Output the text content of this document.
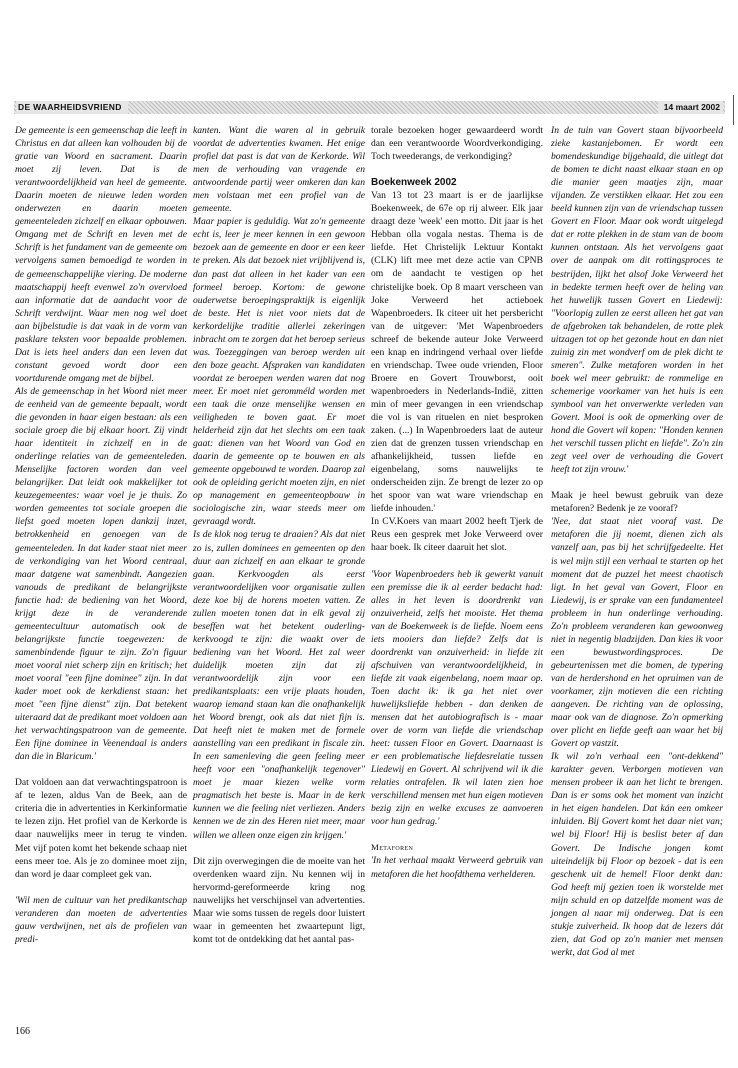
DE WAARHEIDSVRIEND	14 maart 2002

De gemeente is een gemeenschap die leeft in Christus en dat alleen kan volhouden bij de gratie van Woord en sacrament. Daarin moet zij leven. Dat is de verantwoordelijkheid van heel de gemeente. Daarin moeten de nieuwe leden worden onderwezen en daarin moeten gemeenteleden zichzelf en elkaar opbouwen. Omgang met de Schrift en leven met de Schrift is het fundament van de gemeente om vervolgens samen bemoedigd te worden in de gemeenschappelijke viering. De moderne maatschappij heeft evenwel zo'n overvloed aan informatie dat de aandacht voor de Schrift verdwijnt. Waar men nog wel doet aan bijbelstudie is dat vaak in de vorm van pasklare teksten voor bepaalde problemen. Dat is iets heel anders dan een leven dat constant gevoed wordt door een voortdurende omgang met de bijbel.

Als de gemeenschap in het Woord niet meer de eenheid van de gemeente bepaalt, wordt die gevonden in haar eigen bestaan: als een sociale groep die bij elkaar hoort. Zij vindt haar identiteit in zichzelf en in de onderlinge relaties van de gemeenteleden. Menselijke factoren worden dan veel belangrijker. Dat leidt ook makkelijker tot keuzegemeentes: waar voel je je thuis. Zo worden gemeentes tot sociale groepen die liefst goed moeten lopen dankzij inzet, betrokkenheid en genoegen van de gemeenteleden. In dat kader staat niet meer de verkondiging van het Woord centraal, maar datgene wat samenbindt. Aangezien vanouds de predikant de belangrijkste functie had: de bediening van het Woord, krijgt deze in de veranderende gemeentecultuur automatisch ook de belangrijkste functie toegewezen: de samenbindende figuur te zijn. Zo'n figuur moet vooral niet scherp zijn en kritisch; het moet vooral "een fijne dominee" zijn. In dat kader moet ook de kerkdienst staan: het moet "een fijne dienst" zijn. Dat betekent uiteraard dat de predikant moet voldoen aan het verwachtingspatroon van de gemeente. Een fijne dominee in Veenendaal is anders dan die in Blaricum.'

Dat voldoen aan dat verwachtingspatroon is af te lezen, aldus Van de Beek, aan de criteria die in advertenties in Kerkinformatie te lezen zijn. Het profiel van de Kerkorde is daar nauwelijks meer in terug te vinden. Met vijf poten komt het bekende schaap niet eens meer toe. Als je zo dominee moet zijn, dan word je daar compleet gek van.

'Wil men de cultuur van het predikantschap veranderen dan moeten de advertenties gauw verdwijnen, net als de profielen van predi-

kanten. Want die waren al in gebruik voordat de advertenties kwamen. Het enige profiel dat past is dat van de Kerkorde. Wil men de verhouding van vragende en antwoordende partij weer omkeren dan kan men volstaan met een profiel van de gemeente.

Maar papier is geduldig. Wat zo'n gemeente echt is, leer je meer kennen in een gewoon bezoek aan de gemeente en door er een keer te preken. Als dat bezoek niet vrijblijvend is, dan past dat alleen in het kader van een formeel beroep. Kortom: de gewone ouderwetse beroepingspraktijk is eigenlijk de beste. Het is niet voor niets dat de kerkordelijke traditie allerlei zekeringen inbracht om te zorgen dat het beroep serieus was. Toezeggingen van beroep werden uit den boze geacht. Afspraken van kandidaten voordat ze beroepen werden waren dat nog meer. Er moet niet geromméld worden met een taak die onze menselijke wensen en veiligheden te boven gaat. Er moet helderheid zijn dat het slechts om een taak gaat: dienen van het Woord van God en daarin de gemeente op te bouwen en als gemeente opgebouwd te worden. Daarop zal ook de opleiding gericht moeten zijn, en niet op management en gemeenteopbouw in sociologische zin, waar steeds meer om gevraagd wordt.

Is de klok nog terug te draaien? Als dat niet zo is, zullen dominees en gemeenten op den duur aan zichzelf en aan elkaar te gronde gaan. Kerkvoogden als eerst verantwoordelijken voor organisatie zullen deze koe bij de horens moeten vatten. Ze zullen moeten tonen dat in elk geval zij beseffen wat het betekent ouderling-kerkvoogd te zijn: die waakt over de bediening van het Woord. Het zal weer duidelijk moeten zijn dat zij verantwoordelijk zijn voor een predikantsplaats: een vrije plaats houden, waarop iemand staan kan die onafhankelijk het Woord brengt, ook als dat niet fijn is. Dat heeft niet te maken met de formele aanstelling van een predikant in fiscale zin. In een samenleving die geen feeling meer heeft voor een "onafhankelijk tegenover" moet je maar kiezen welke vorm pragmatisch het beste is. Maar in de kerk kunnen we die feeling niet verliezen. Anders kennen we de zin des Heren niet meer, maar willen we alleen onze eigen zin krijgen.'

Dit zijn overwegingen die de moeite van het overdenken waard zijn. Nu kennen wij in hervormd-gereformeerde kring nog nauwelijks het verschijnsel van advertenties. Maar wie soms tussen de regels door luistert waar in gemeenten het zwaartepunt ligt, komt tot de ontdekking dat het aantal pas-

torale bezoeken hoger gewaardeerd wordt dan een verantwoorde Woordverkondiging. Toch tweederangs, de verkondiging?

Boekenweek 2002

Van 13 tot 23 maart is er de jaarlijkse Boekenweek, de 67e op rij alweer. Elk jaar draagt deze 'week' een motto. Dit jaar is het Hebban olla vogala nestas. Thema is de liefde. Het Christelijk Lektuur Kontakt (CLK) lift mee met deze actie van CPNB om de aandacht te vestigen op het christelijke boek. Op 8 maart verscheen van Joke Verweerd het actieboek Wapenbroeders. Ik citeer uit het persbericht van de uitgever: 'Met Wapenbroeders schreef de bekende auteur Joke Verweerd een knap en indringend verhaal over liefde en vriendschap. Twee oude vrienden, Floor Broere en Govert Trouwborst, ooit wapenbroeders in Nederlands-Indië, zitten min of meer gevangen in een vriendschap die vol is van rituelen en niet besproken zaken. (...) In Wapenbroeders laat de auteur zien dat de grenzen tussen vriendschap en afhankelijkheid, tussen liefde en eigenbelang, soms nauwelijks te onderscheiden zijn. Ze brengt de lezer zo op het spoor van wat ware vriendschap en liefde inhouden.'

In CV.Koers van maart 2002 heeft Tjerk de Reus een gesprek met Joke Verweerd over haar boek. Ik citeer daaruit het slot.

'Voor Wapenbroeders heb ik gewerkt vanuit een premisse die ik al eerder bedacht had: alles in het leven is doordrenkt van onzuiverheid, zelfs het mooiste. Het thema van de Boekenweek is de liefde. Noem eens iets mooiers dan liefde? Zelfs dat is doordrenkt van onzuiverheid: in liefde zit afschuiven van verantwoordelijkheid, in liefde zit vaak eigenbelang, noem maar op. Toen dacht ik: ik ga het niet over huwelijksliefde hebben - dan denken de mensen dat het autobiografisch is - maar over de vorm van liefde die vriendschap heet: tussen Floor en Govert. Daarnaast is er een problematische liefdesrelatie tussen Liedewij en Govert. Al schrijvend wil ik die relaties ontrafelen. Ik wil laten zien hoe verschillend mensen met hun eigen motieven bezig zijn en welke excuses ze aanvoeren voor hun gedrag.'

Metaforen

'In het verhaal maakt Verweerd gebruik van metaforen die het hoofdthema verhelderen.

In de tuin van Govert staan bijvoorbeeld zieke kastanjebomen. Er wordt een bomendeskundige bijgehaald, die uitlegt dat de bomen te dicht naast elkaar staan en op die manier geen maatjes zijn, maar vijanden. Ze verstikken elkaar. Het zou een beeld kunnen zijn van de vriendschap tussen Govert en Floor. Maar ook wordt uitgelegd dat er rotte plekken in de stam van de boom kunnen ontstaan. Als het vervolgens gaat over de aanpak om dit rottingsproces te bestrijden, lijkt het alsof Joke Verweerd het in bedekte termen heeft over de heling van het huwelijk tussen Govert en Liedewij: "Voorlopig zullen ze eerst alleen het gat van de afgebroken tak behandelen, de rotte plek uitzagen tot op het gezonde hout en dan niet zuinig zin met wondverf om de plek dicht te smeren". Zulke metaforen worden in het boek wel meer gebruikt: de rommelige en schemerige voorkamer van het huis is een symbool van het onverwerkte verleden van Govert. Mooi is ook de opmerking over de hond die Govert wil kopen: "Honden kennen het verschil tussen plicht en liefde". Zo'n zin zegt veel over de verhouding die Govert heeft tot zijn vrouw.'

Maak je heel bewust gebruik van deze metaforen? Bedenk je ze vooraf?

'Nee, dat staat niet vooraf vast. De metaforen die jij noemt, dienen zich als vanzelf aan, pas bij het schrijfgedeelte. Het is wel mijn stijl een verhaal te starten op het moment dat de puzzel het meest chaotisch ligt. In het geval van Govert, Floor en Liedewij, is er sprake van een fundamenteel probleem in hun onderlinge verhouding. Zo'n probleem veranderen kan gewoonweg niet in negentig bladzijden. Dan kies ik voor een bewustwordingsproces. De gebeurtenissen met die bomen, de typering van de herdershond en het opruimen van de voorkamer, zijn motieven die een richting aangeven. De richting van de oplossing, maar ook van de diagnose. Zo'n opmerking over plicht en liefde geeft aan waar het bij Govert op vastzit.

Ik wil zo'n verhaal een "ont-dekkend" karakter geven. Verborgen motieven van mensen probeer ik aan het licht te brengen. Dan is er soms ook het moment van inzicht in het eigen handelen. Dat kán een omkeer inluiden. Bij Govert komt het daar niet van; wel bij Floor! Hij is beslist beter af dan Govert. De Indische jongen komt uiteindelijk bij Floor op bezoek - dat is een geschenk uit de hemel! Floor denkt dan: God heeft mij gezien toen ik worstelde met mijn schuld en op datzelfde moment was de jongen al naar mij onderweg. Dat is een stukje zuiverheid. Ik hoop dat de lezers dát zien, dat God op zo'n manier met mensen werkt, dat God al met

166
